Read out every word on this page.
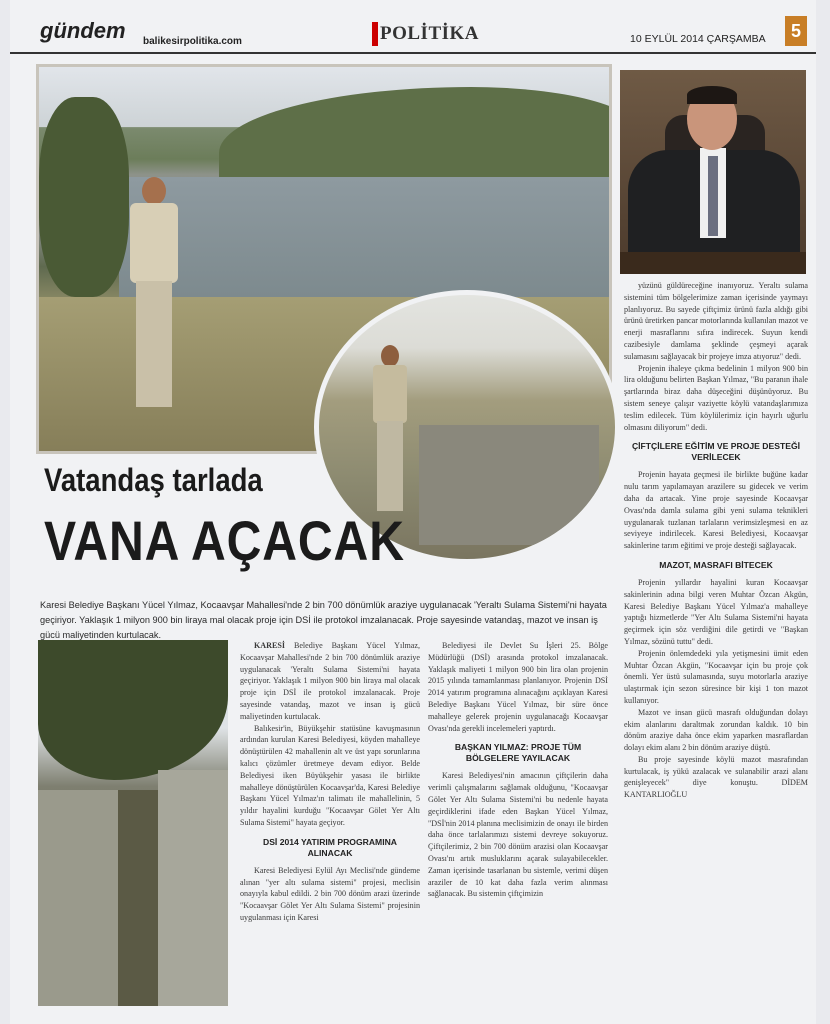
gündem balikesirpolitika.com	POLİTİKA	10 EYLÜL 2014 ÇARŞAMBA	5
Vatandaş tarlada
VANA AÇACAK
Karesi Belediye Başkanı Yücel Yılmaz, Kocaavşar Mahallesi'nde 2 bin 700 dönümlük araziye uygulanacak 'Yeraltı Sulama Sistemi'ni hayata geçiriyor. Yaklaşık 1 milyon 900 bin liraya mal olacak proje için DSİ ile protokol imzalanacak. Proje sayesinde vatandaş, mazot ve insan iş gücü maliyetinden kurtulacak.

KARESİ Belediye Başkanı Yücel Yılmaz, Kocaavşar Mahallesi'nde 2 bin 700 dönümlük araziye uygulanacak 'Yeraltı Sulama Sistemi'ni hayata geçiriyor. Yaklaşık 1 milyon 900 bin liraya mal olacak proje için DSİ ile protokol imzalanacak. Proje sayesinde vatandaş, mazot ve insan iş gücü maliyetinden kurtulacak.

Balıkesir'in, Büyükşehir statüsüne kavuşmasının ardından kurulan Karesi Belediyesi, köyden mahalleye dönüştürülen 42 mahallenin alt ve üst yapı sorunlarına kalıcı çözümler üretmeye devam ediyor. Belde Belediyesi iken Büyükşehir yasası ile birlikte mahalleye dönüştürülen Kocaavşar'da, Karesi Belediye Başkanı Yücel Yılmaz'ın talimatı ile mahallelinin, 5 yıldır hayalini kurduğu "Kocaavşar Gölet Yer Altı Sulama Sistemi" hayata geçiyor.

DSİ 2014 YATIRIM PROGRAMINA ALINACAK

Karesi Belediyesi Eylül Ayı Meclisi'nde gündeme alınan "yer altı sulama sistemi" projesi, meclisin onayıyla kabul edildi. 2 bin 700 dönüm arazi üzerinde "Kocaavşar Gölet Yer Altı Sulama Sistemi" projesinin uygulanması için Karesi

Belediyesi ile Devlet Su İşleri 25. Bölge Müdürlüğü (DSİ) arasında protokol imzalanacak. Yaklaşık maliyeti 1 milyon 900 bin lira olan projenin 2015 yılında tamamlanması planlanıyor. Projenin DSİ 2014 yatırım programına alınacağını açıklayan Karesi Belediye Başkanı Yücel Yılmaz, bir süre önce mahalleye gelerek projenin uygulanacağı Kocaavşar Ovası'nda gerekli incelemeleri yaptırdı.

BAŞKAN YILMAZ: PROJE TÜM BÖLGELERE YAYILACAK

Karesi Belediyesi'nin amacının çiftçilerin daha verimli çalışmalarını sağlamak olduğunu, "Kocaavşar Gölet Yer Altı Sulama Sistemi'ni bu nedenle hayata geçirdiklerini ifade eden Başkan Yücel Yılmaz, "DSİ'nin 2014 planına meclisimizin de onayı ile birden daha önce tarlalarımızı sistemi devreye sokuyoruz. Çiftçilerimiz, 2 bin 700 dönüm arazisi olan Kocaavşar Ovası'nı artık musluklarını açarak sulayabilecekler. Zaman içerisinde tasarlanan bu sistemle, verimi düşen araziler de 10 kat daha fazla verim alınması sağlanacak. Bu sistemin çiftçimizin

yüzünü güldüreceğine inanıyoruz. Yeraltı sulama sistemini tüm bölgelerimize zaman içerisinde yaymayı planlıyoruz. Bu sayede çiftçimiz ürünü fazla aldığı gibi ürünü üretirken pancar motorlarında kullanılan mazot ve enerji masraflarını sıfıra indirecek. Suyun kendi cazibesiyle damlama şeklinde çeşmeyi açarak sulamasını sağlayacak bir projeye imza atıyoruz" dedi.

Projenin ihaleye çıkma bedelinin 1 milyon 900 bin lira olduğunu belirten Başkan Yılmaz, "Bu paranın ihale şartlarında biraz daha düşeceğini düşünüyoruz. Bu sistem seneye çalışır vaziyette köylü vatandaşlarımıza teslim edilecek. Tüm köylülerimiz için hayırlı uğurlu olmasını diliyorum" dedi.

ÇİFTÇİLERE EĞİTİM VE PROJE DESTEĞİ VERİLECEK

Projenin hayata geçmesi ile birlikte buğüne kadar nulu tarım yapılamayan arazilere su gidecek ve verim daha da artacak. Yine proje sayesinde Kocaavşar Ovası'nda damla sulama gibi yeni sulama teknikleri uygulanarak tuzlanan tarlaların verimsizleşmesi en az seviyeye indirilecek. Karesi Belediyesi, Kocaavşar sakinlerine tarım eğitimi ve proje desteği sağlayacak.

MAZOT, MASRAFI BİTECEK

Projenin yıllardır hayalini kuran Kocaavşar sakinlerinin adına bilgi veren Muhtar Özcan Akgün, Karesi Belediye Başkanı Yücel Yılmaz'a mahalleye yaptığı hizmetlerde "Yer Altı Sulama Sistemi'ni hayata geçirmek için söz verdiğini dile getirdi ve "Başkan Yılmaz, sözünü tuttu" dedi.

Projenin önlemdedeki yıla yetişmesini ümit eden Muhtar Özcan Akgün, "Kocaavşar için bu proje çok önemli. Yer üstü sulamasında, suyu motorlarla araziye ulaştırmak için sezon süresince bir kişi 1 ton mazot kullanıyor.

Mazot ve insan gücü masrafı olduğundan dolayı ekim alanlarını daraltmak zorundan kaldık. 10 bin dönüm araziye daha önce ekim yaparken masraflardan dolayı ekim alanı 2 bin dönüm araziye düştü.

Bu proje sayesinde köylü mazot masrafından kurtulacak, iş yükü azalacak ve sulanabilir arazi alanı genişleyecek" diye konuştu.	DİDEM KANTARLIOĞLU
